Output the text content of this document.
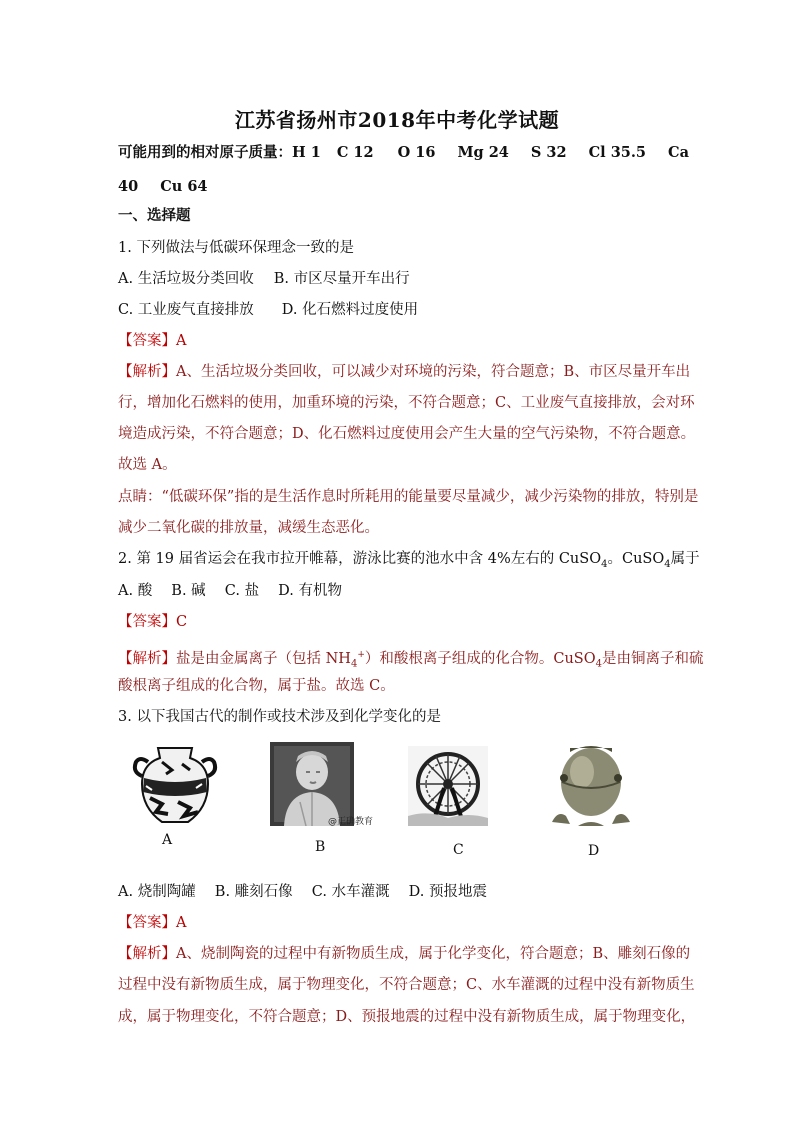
江苏省扬州市2018年中考化学试题
可能用到的相对原子质量：H 1 C 12 O 16 Mg 24 S 32 Cl 35.5 Ca
40 Cu 64
一、选择题
1. 下列做法与低碳环保理念一致的是
A. 生活垃圾分类回收 B. 市区尽量开车出行
C. 工业废气直接排放 D. 化石燃料过度使用
【答案】A
【解析】A、生活垃圾分类回收，可以减少对环境的污染，符合题意；B、市区尽量开车出
行，增加化石燃料的使用，加重环境的污染，不符合题意；C、工业废气直接排放，会对环
境造成污染，不符合题意；D、化石燃料过度使用会产生大量的空气污染物，不符合题意。
故选 A。
点睛：“低碳环保”指的是生活作息时所耗用的能量要尽量减少，减少污染物的排放，特别是
减少二氧化碳的排放量，减缓生态恶化。
2. 第 19 届省运会在我市拉开帷幕，游泳比赛的池水中含 4%左右的 CuSO$_4$。CuSO$_4$属于
A. 酸　 B. 碱　 C. 盐　 D. 有机物
【答案】C
【解析】盐是由金属离子（包括 $NH_4^+$）和酸根离子组成的化合物。CuSO$_4$是由铜离子和硫
酸根离子组成的化合物，属于盐。故选 C。
3. 以下我国古代的制作或技术涉及到化学变化的是
A
@正确教育
B	C	D
A. 烧制陶罐　 B. 雕刻石像　 C. 水车灌溉　 D. 预报地震
【答案】A
【解析】A、烧制陶瓷的过程中有新物质生成，属于化学变化，符合题意；B、雕刻石像的
过程中没有新物质生成，属于物理变化，不符合题意；C、水车灌溉的过程中没有新物质生
成，属于物理变化，不符合题意；D、预报地震的过程中没有新物质生成，属于物理变化，
